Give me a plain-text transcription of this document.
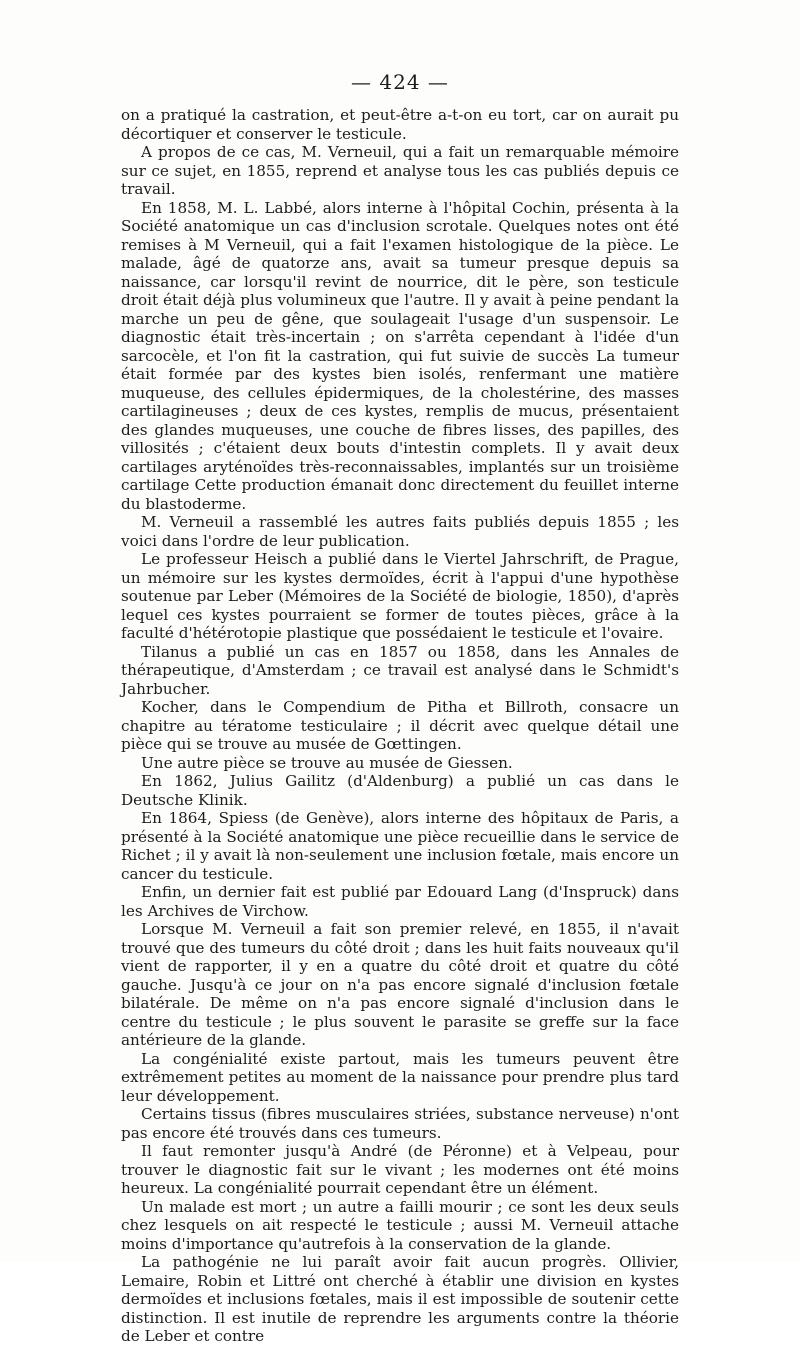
— 424 —

on a pratiqué la castration, et peut-être a-t-on eu tort, car on aurait pu décortiquer et conserver le testicule.

A propos de ce cas, M. Verneuil, qui a fait un remarquable mémoire sur ce sujet, en 1855, reprend et analyse tous les cas publiés depuis ce travail.

En 1858, M. L. Labbé, alors interne à l'hôpital Cochin, présenta à la Société anatomique un cas d'inclusion scrotale. Quelques notes ont été remises à M Verneuil, qui a fait l'examen histologique de la pièce. Le malade, âgé de quatorze ans, avait sa tumeur presque depuis sa naissance, car lorsqu'il revint de nourrice, dit le père, son testicule droit était déjà plus volumineux que l'autre. Il y avait à peine pendant la marche un peu de gêne, que soulageait l'usage d'un suspensoir. Le diagnostic était très-incertain ; on s'arrêta cependant à l'idée d'un sarcocèle, et l'on fit la castration, qui fut suivie de succès La tumeur était formée par des kystes bien isolés, renfermant une matière muqueuse, des cellules épidermiques, de la cholestérine, des masses cartilagineuses ; deux de ces kystes, remplis de mucus, présentaient des glandes muqueuses, une couche de fibres lisses, des papilles, des villosités ; c'étaient deux bouts d'intestin complets. Il y avait deux cartilages aryténoïdes très-reconnaissables, implantés sur un troisième cartilage Cette production émanait donc directement du feuillet interne du blastoderme.

M. Verneuil a rassemblé les autres faits publiés depuis 1855 ; les voici dans l'ordre de leur publication.

Le professeur Heisch a publié dans le Viertel Jahrschrift, de Prague, un mémoire sur les kystes dermoïdes, écrit à l'appui d'une hypothèse soutenue par Leber (Mémoires de la Société de biologie, 1850), d'après lequel ces kystes pourraient se former de toutes pièces, grâce à la faculté d'hétérotopie plastique que possédaient le testicule et l'ovaire.

Tilanus a publié un cas en 1857 ou 1858, dans les Annales de thérapeutique, d'Amsterdam ; ce travail est analysé dans le Schmidt's Jahrbucher.

Kocher, dans le Compendium de Pitha et Billroth, consacre un chapitre au tératome testiculaire ; il décrit avec quelque détail une pièce qui se trouve au musée de Gœttingen.

Une autre pièce se trouve au musée de Giessen.

En 1862, Julius Gailitz (d'Aldenburg) a publié un cas dans le Deutsche Klinik.

En 1864, Spiess (de Genève), alors interne des hôpitaux de Paris, a présenté à la Société anatomique une pièce recueillie dans le service de Richet ; il y avait là non-seulement une inclusion fœtale, mais encore un cancer du testicule.

Enfin, un dernier fait est publié par Edouard Lang (d'Inspruck) dans les Archives de Virchow.

Lorsque M. Verneuil a fait son premier relevé, en 1855, il n'avait trouvé que des tumeurs du côté droit ; dans les huit faits nouveaux qu'il vient de rapporter, il y en a quatre du côté droit et quatre du côté gauche. Jusqu'à ce jour on n'a pas encore signalé d'inclusion fœtale bilatérale. De même on n'a pas encore signalé d'inclusion dans le centre du testicule ; le plus souvent le parasite se greffe sur la face antérieure de la glande.

La congénialité existe partout, mais les tumeurs peuvent être extrêmement petites au moment de la naissance pour prendre plus tard leur développement.

Certains tissus (fibres musculaires striées, substance nerveuse) n'ont pas encore été trouvés dans ces tumeurs.

Il faut remonter jusqu'à André (de Péronne) et à Velpeau, pour trouver le diagnostic fait sur le vivant ; les modernes ont été moins heureux. La congénialité pourrait cependant être un élément.

Un malade est mort ; un autre a failli mourir ; ce sont les deux seuls chez lesquels on ait respecté le testicule ; aussi M. Verneuil attache moins d'importance qu'autrefois à la conservation de la glande.

La pathogénie ne lui paraît avoir fait aucun progrès. Ollivier, Lemaire, Robin et Littré ont cherché à établir une division en kystes dermoïdes et inclusions fœtales, mais il est impossible de soutenir cette distinction. Il est inutile de reprendre les arguments contre la théorie de Leber et contre
